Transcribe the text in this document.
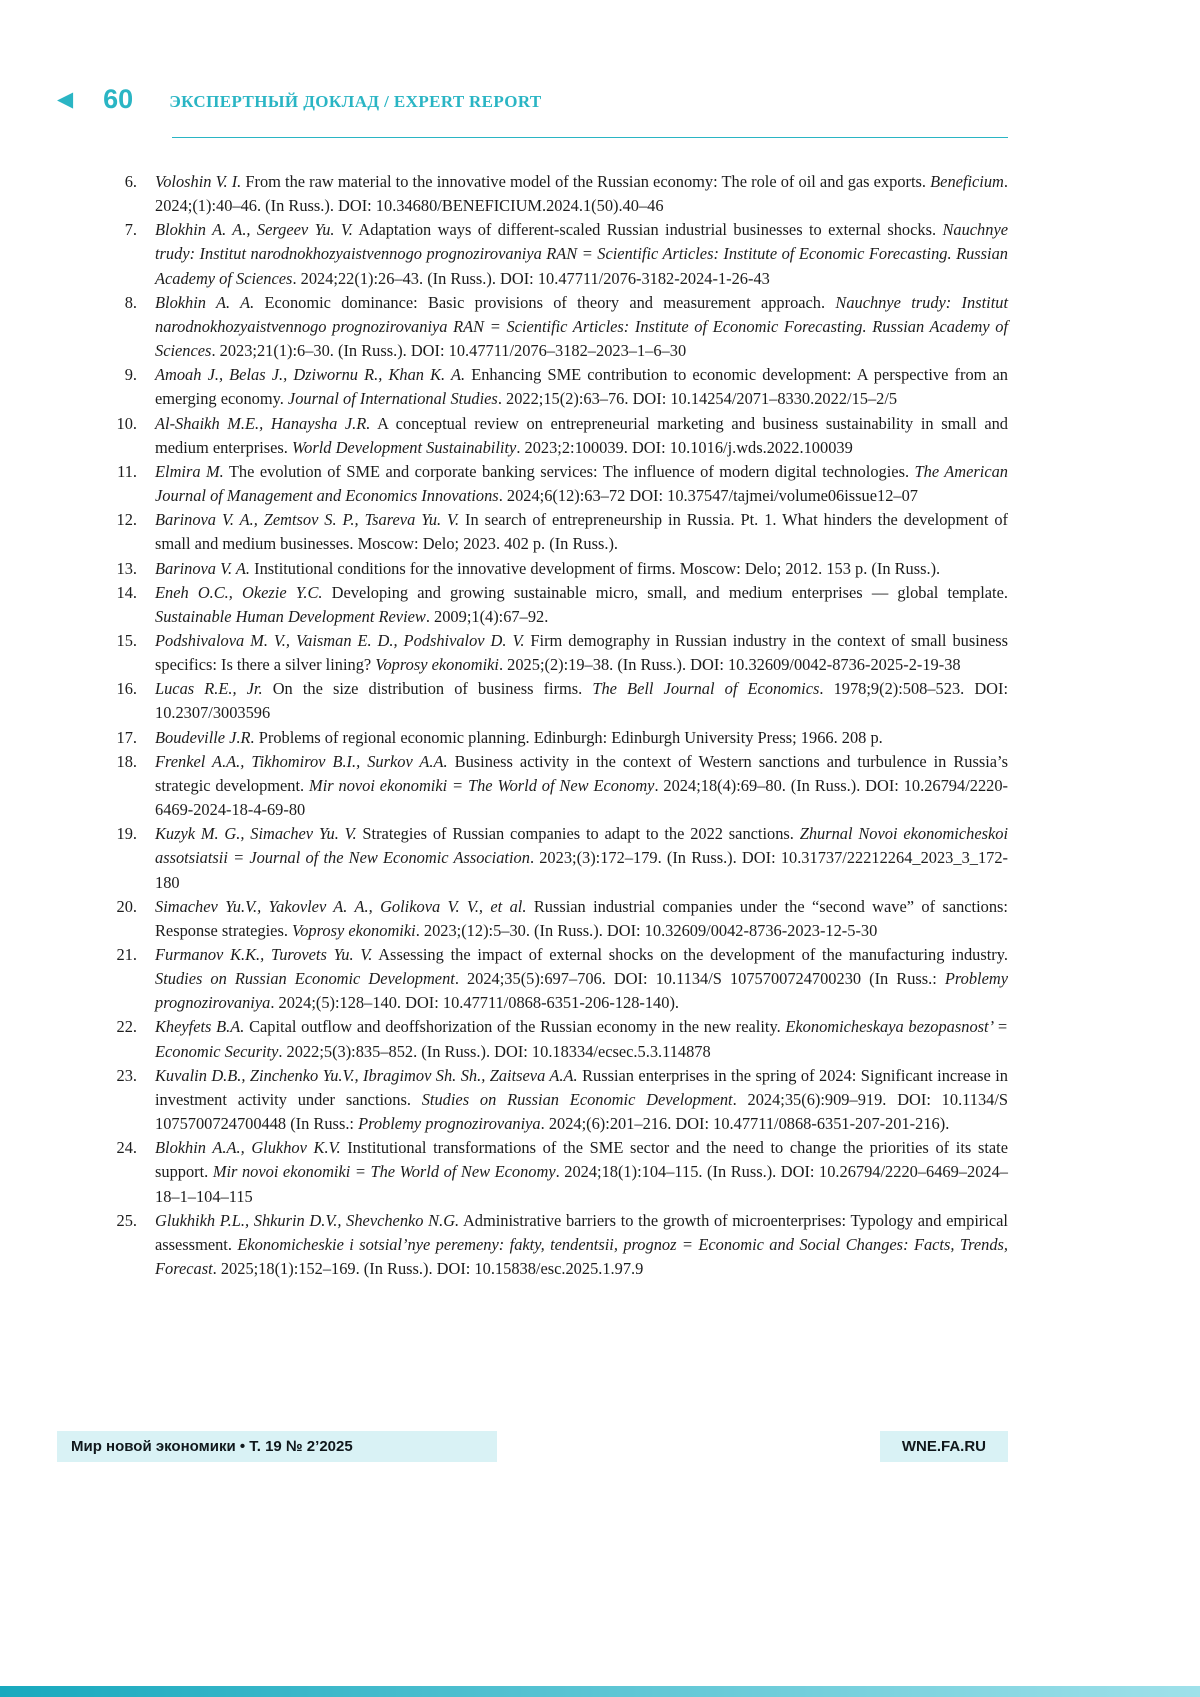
◀ 60 ЭКСПЕРТНЫЙ ДОКЛАД / EXPERT REPORT
6. Voloshin V. I. From the raw material to the innovative model of the Russian economy: The role of oil and gas exports. Beneficium. 2024;(1):40–46. (In Russ.). DOI: 10.34680/BENEFICIUM.2024.1(50).40–46
7. Blokhin A. A., Sergeev Yu. V. Adaptation ways of different-scaled Russian industrial businesses to external shocks. Nauchnye trudy: Institut narodnokhozyaistvennogo prognozirovaniya RAN = Scientific Articles: Institute of Economic Forecasting. Russian Academy of Sciences. 2024;22(1):26–43. (In Russ.). DOI: 10.47711/2076-3182-2024-1-26-43
8. Blokhin A. A. Economic dominance: Basic provisions of theory and measurement approach. Nauchnye trudy: Institut narodnokhozyaistvennogo prognozirovaniya RAN = Scientific Articles: Institute of Economic Forecasting. Russian Academy of Sciences. 2023;21(1):6–30. (In Russ.). DOI: 10.47711/2076–3182–2023–1–6–30
9. Amoah J., Belas J., Dziwornu R., Khan K. A. Enhancing SME contribution to economic development: A perspective from an emerging economy. Journal of International Studies. 2022;15(2):63–76. DOI: 10.14254/2071–8330.2022/15–2/5
10. Al-Shaikh M.E., Hanaysha J.R. A conceptual review on entrepreneurial marketing and business sustainability in small and medium enterprises. World Development Sustainability. 2023;2:100039. DOI: 10.1016/j.wds.2022.100039
11. Elmira M. The evolution of SME and corporate banking services: The influence of modern digital technologies. The American Journal of Management and Economics Innovations. 2024;6(12):63–72 DOI: 10.37547/tajmei/volume06issue12–07
12. Barinova V. A., Zemtsov S. P., Tsareva Yu. V. In search of entrepreneurship in Russia. Pt. 1. What hinders the development of small and medium businesses. Moscow: Delo; 2023. 402 p. (In Russ.).
13. Barinova V. A. Institutional conditions for the innovative development of firms. Moscow: Delo; 2012. 153 p. (In Russ.).
14. Eneh O.C., Okezie Y.C. Developing and growing sustainable micro, small, and medium enterprises — global template. Sustainable Human Development Review. 2009;1(4):67–92.
15. Podshivalova M. V., Vaisman E. D., Podshivalov D. V. Firm demography in Russian industry in the context of small business specifics: Is there a silver lining? Voprosy ekonomiki. 2025;(2):19–38. (In Russ.). DOI: 10.32609/0042-8736-2025-2-19-38
16. Lucas R.E., Jr. On the size distribution of business firms. The Bell Journal of Economics. 1978;9(2):508–523. DOI: 10.2307/3003596
17. Boudeville J.R. Problems of regional economic planning. Edinburgh: Edinburgh University Press; 1966. 208 p.
18. Frenkel A.A., Tikhomirov B.I., Surkov A.A. Business activity in the context of Western sanctions and turbulence in Russia’s strategic development. Mir novoi ekonomiki = The World of New Economy. 2024;18(4):69–80. (In Russ.). DOI: 10.26794/2220-6469-2024-18-4-69-80
19. Kuzyk M. G., Simachev Yu. V. Strategies of Russian companies to adapt to the 2022 sanctions. Zhurnal Novoi ekonomicheskoi assotsiatsii = Journal of the New Economic Association. 2023;(3):172–179. (In Russ.). DOI: 10.31737/22212264_2023_3_172-180
20. Simachev Yu.V., Yakovlev A. A., Golikova V. V., et al. Russian industrial companies under the “second wave” of sanctions: Response strategies. Voprosy ekonomiki. 2023;(12):5–30. (In Russ.). DOI: 10.32609/0042-8736-2023-12-5-30
21. Furmanov K.K., Turovets Yu. V. Assessing the impact of external shocks on the development of the manufacturing industry. Studies on Russian Economic Development. 2024;35(5):697–706. DOI: 10.1134/S 1075700724700230 (In Russ.: Problemy prognozirovaniya. 2024;(5):128–140. DOI: 10.47711/0868-6351-206-128-140).
22. Kheyfets B.A. Capital outflow and deoffshorization of the Russian economy in the new reality. Ekonomicheskaya bezopasnost’ = Economic Security. 2022;5(3):835–852. (In Russ.). DOI: 10.18334/ecsec.5.3.114878
23. Kuvalin D.B., Zinchenko Yu.V., Ibragimov Sh. Sh., Zaitseva A.A. Russian enterprises in the spring of 2024: Significant increase in investment activity under sanctions. Studies on Russian Economic Development. 2024;35(6):909–919. DOI: 10.1134/S 1075700724700448 (In Russ.: Problemy prognozirovaniya. 2024;(6):201–216. DOI: 10.47711/0868-6351-207-201-216).
24. Blokhin A.A., Glukhov K.V. Institutional transformations of the SME sector and the need to change the priorities of its state support. Mir novoi ekonomiki = The World of New Economy. 2024;18(1):104–115. (In Russ.). DOI: 10.26794/2220–6469–2024–18–1–104–115
25. Glukhikh P.L., Shkurin D.V., Shevchenko N.G. Administrative barriers to the growth of microenterprises: Typology and empirical assessment. Ekonomicheskie i sotsial’nye peremeny: fakty, tendentsii, prognoz = Economic and Social Changes: Facts, Trends, Forecast. 2025;18(1):152–169. (In Russ.). DOI: 10.15838/esc.2025.1.97.9
Мир новой экономики • Т. 19 № 2’2025	WNE.FA.RU
